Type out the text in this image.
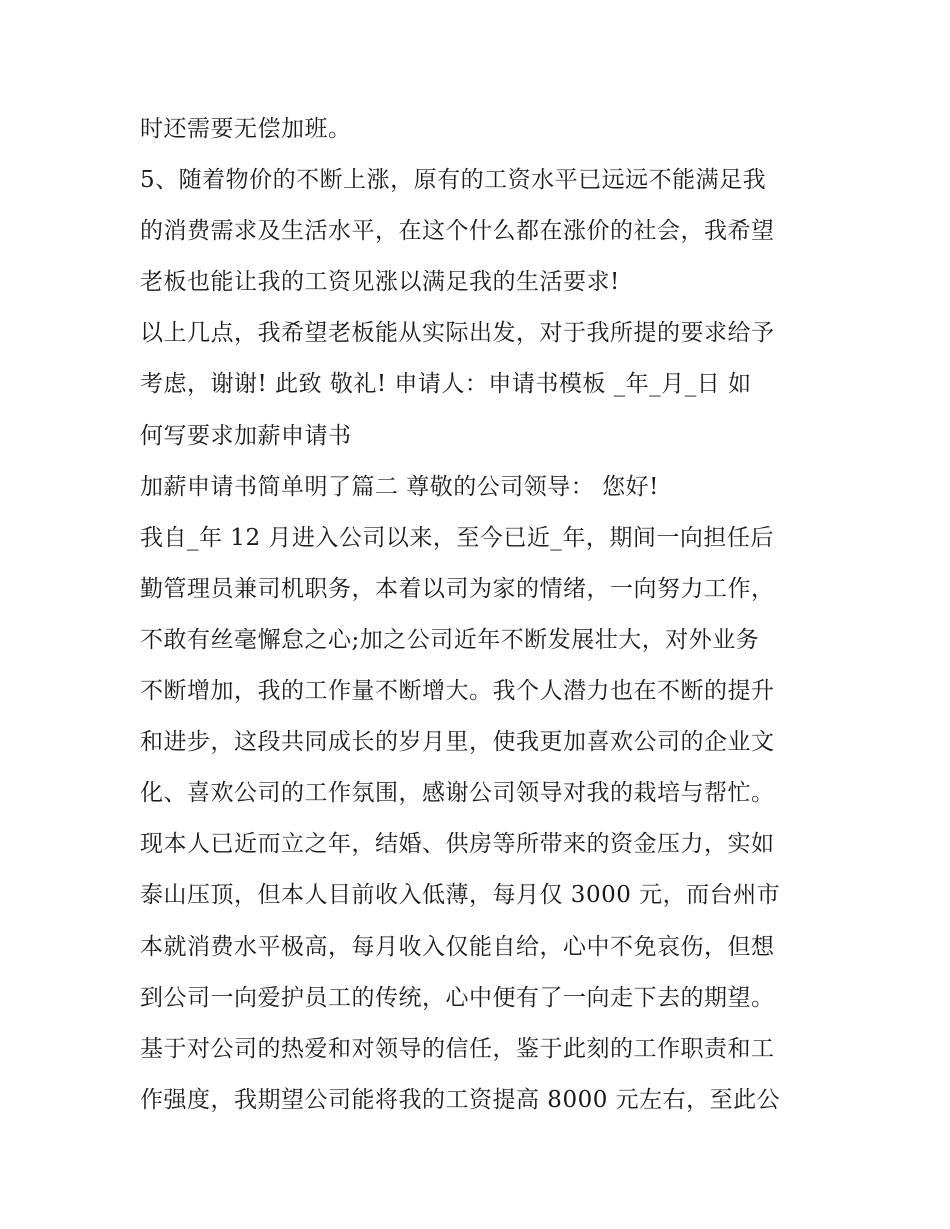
时还需要无偿加班。
5、随着物价的不断上涨，原有的工资水平已远远不能满足我
的消费需求及生活水平，在这个什么都在涨价的社会，我希望
老板也能让我的工资见涨以满足我的生活要求!
以上几点，我希望老板能从实际出发，对于我所提的要求给予
考虑，谢谢! 此致 敬礼! 申请人：申请书模板 _年_月_日 如
何写要求加薪申请书
加薪申请书简单明了篇二 尊敬的公司领导： 您好!
我自_年 12 月进入公司以来，至今已近_年，期间一向担任后
勤管理员兼司机职务，本着以司为家的情绪，一向努力工作，
不敢有丝毫懈怠之心;加之公司近年不断发展壮大，对外业务
不断增加，我的工作量不断增大。我个人潜力也在不断的提升
和进步，这段共同成长的岁月里，使我更加喜欢公司的企业文
化、喜欢公司的工作氛围，感谢公司领导对我的栽培与帮忙。
现本人已近而立之年，结婚、供房等所带来的资金压力，实如
泰山压顶，但本人目前收入低薄，每月仅 3000 元，而台州市
本就消费水平极高，每月收入仅能自给，心中不免哀伤，但想
到公司一向爱护员工的传统，心中便有了一向走下去的期望。
基于对公司的热爱和对领导的信任，鉴于此刻的工作职责和工
作强度，我期望公司能将我的工资提高 8000 元左右，至此公
